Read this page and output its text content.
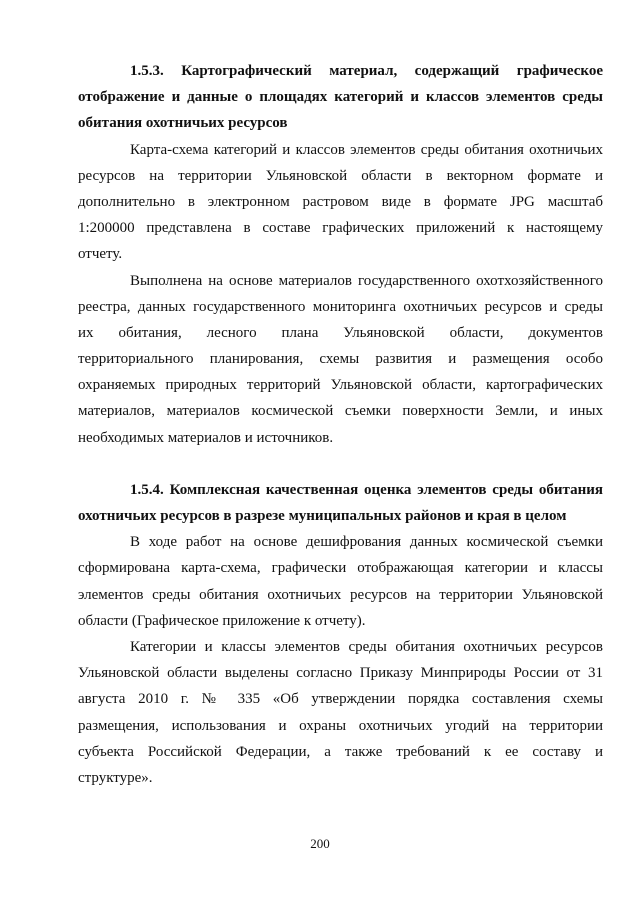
1.5.3. Картографический материал, содержащий графическое
отображение и данные о площадях категорий и классов элементов среды
обитания охотничьих ресурсов
Карта-схема категорий и классов элементов среды обитания охотничьих
ресурсов на территории Ульяновской области в векторном формате и
дополнительно в электронном растровом виде в формате JPG масштаб
1:200000 представлена в составе графических приложений к настоящему
отчету.
Выполнена на основе материалов государственного охотхозяйственного
реестра, данных государственного мониторинга охотничьих ресурсов и среды
их обитания, лесного плана Ульяновской области, документов
территориального планирования, схемы развития и размещения особо
охраняемых природных территорий Ульяновской области, картографических
материалов, материалов космической съемки поверхности Земли, и иных
необходимых материалов и источников.
1.5.4. Комплексная качественная оценка элементов среды обитания
охотничьих ресурсов в разрезе муниципальных районов и края в целом
В ходе работ на основе дешифрования данных космической съемки
сформирована карта-схема, графически отображающая категории и классы
элементов среды обитания охотничьих ресурсов на территории Ульяновской
области (Графическое приложение к отчету).
Категории и классы элементов среды обитания охотничьих ресурсов
Ульяновской области выделены согласно Приказу Минприроды России от 31
августа 2010 г. № 335 «Об утверждении порядка составления схемы
размещения, использования и охраны охотничьих угодий на территории
субъекта Российской Федерации, а также требований к ее составу и
структуре».
200
